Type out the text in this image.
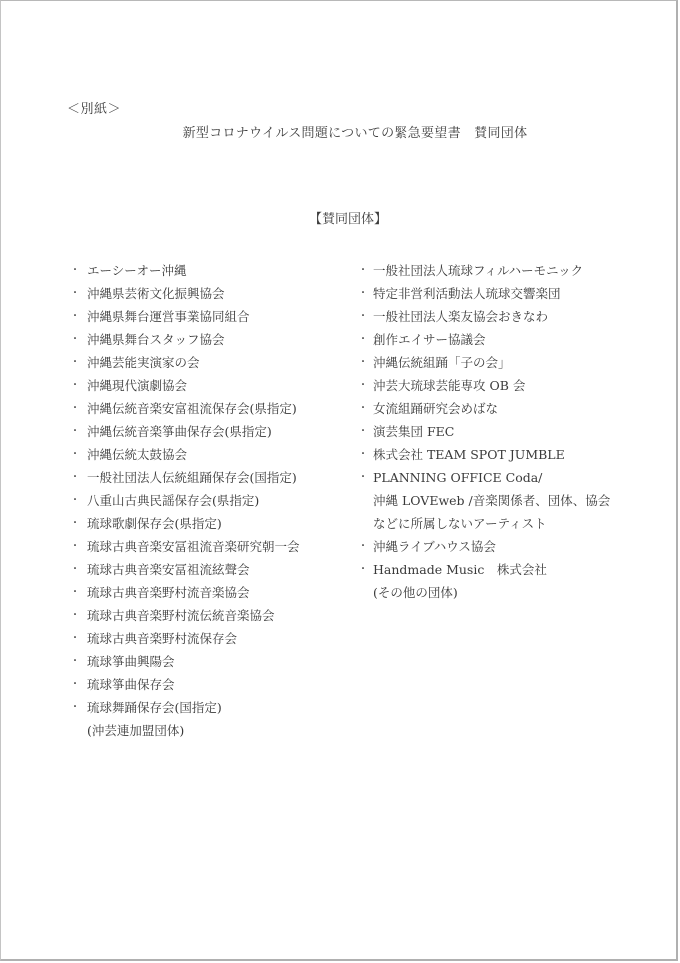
＜別紙＞
新型コロナウイルス問題についての緊急要望書　賛同団体
【賛同団体】
・ エーシーオー沖縄
・ 沖縄県芸術文化振興協会
・ 沖縄県舞台運営事業協同組合
・ 沖縄県舞台スタッフ協会
・ 沖縄芸能実演家の会
・ 沖縄現代演劇協会
・ 沖縄伝統音楽安富祖流保存会(県指定)
・ 沖縄伝統音楽箏曲保存会(県指定)
・ 沖縄伝統太鼓協会
・ 一般社団法人伝統組踊保存会(国指定)
・ 八重山古典民謡保存会(県指定)
・ 琉球歌劇保存会(県指定)
・ 琉球古典音楽安冨祖流音楽研究朝一会
・ 琉球古典音楽安冨祖流絃聲会
・ 琉球古典音楽野村流音楽協会
・ 琉球古典音楽野村流伝統音楽協会
・ 琉球古典音楽野村流保存会
・ 琉球箏曲興陽会
・ 琉球箏曲保存会
・ 琉球舞踊保存会(国指定)
(沖芸連加盟団体)
・ 一般社団法人琉球フィルハーモニック
・ 特定非営利活動法人琉球交響楽団
・ 一般社団法人楽友協会おきなわ
・ 創作エイサー協議会
・ 沖縄伝統組踊「子の会」
・ 沖芸大琉球芸能専攻 OB 会
・ 女流組踊研究会めばな
・ 演芸集団 FEC
・ 株式会社 TEAM SPOT JUMBLE
・ PLANNING OFFICE Coda/
沖縄 LOVEweb /音楽関係者、団体、協会
などに所属しないアーティスト
・ 沖縄ライブハウス協会
・ Handmade Music　株式会社
(その他の団体)
